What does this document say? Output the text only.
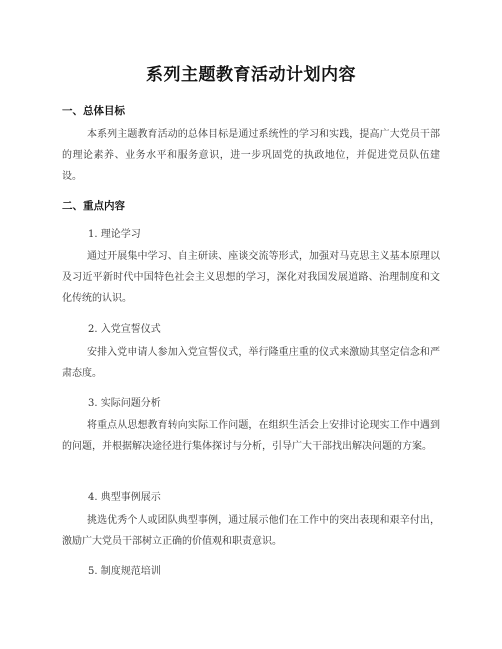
系列主题教育活动计划内容

一、总体目标

本系列主题教育活动的总体目标是通过系统性的学习和实践，提高广大党员干部的理论素养、业务水平和服务意识，进一步巩固党的执政地位，并促进党员队伍建设。

二、重点内容

1. 理论学习

通过开展集中学习、自主研读、座谈交流等形式，加强对马克思主义基本原理以及习近平新时代中国特色社会主义思想的学习，深化对我国发展道路、治理制度和文化传统的认识。

2. 入党宣誓仪式

安排入党申请人参加入党宣誓仪式，举行隆重庄重的仪式来激励其坚定信念和严肃态度。

3. 实际问题分析

将重点从思想教育转向实际工作问题，在组织生活会上安排讨论现实工作中遇到的问题，并根据解决途径进行集体探讨与分析，引导广大干部找出解决问题的方案。

4. 典型事例展示

挑选优秀个人或团队典型事例，通过展示他们在工作中的突出表现和艰辛付出，激励广大党员干部树立正确的价值观和职责意识。

5. 制度规范培训
